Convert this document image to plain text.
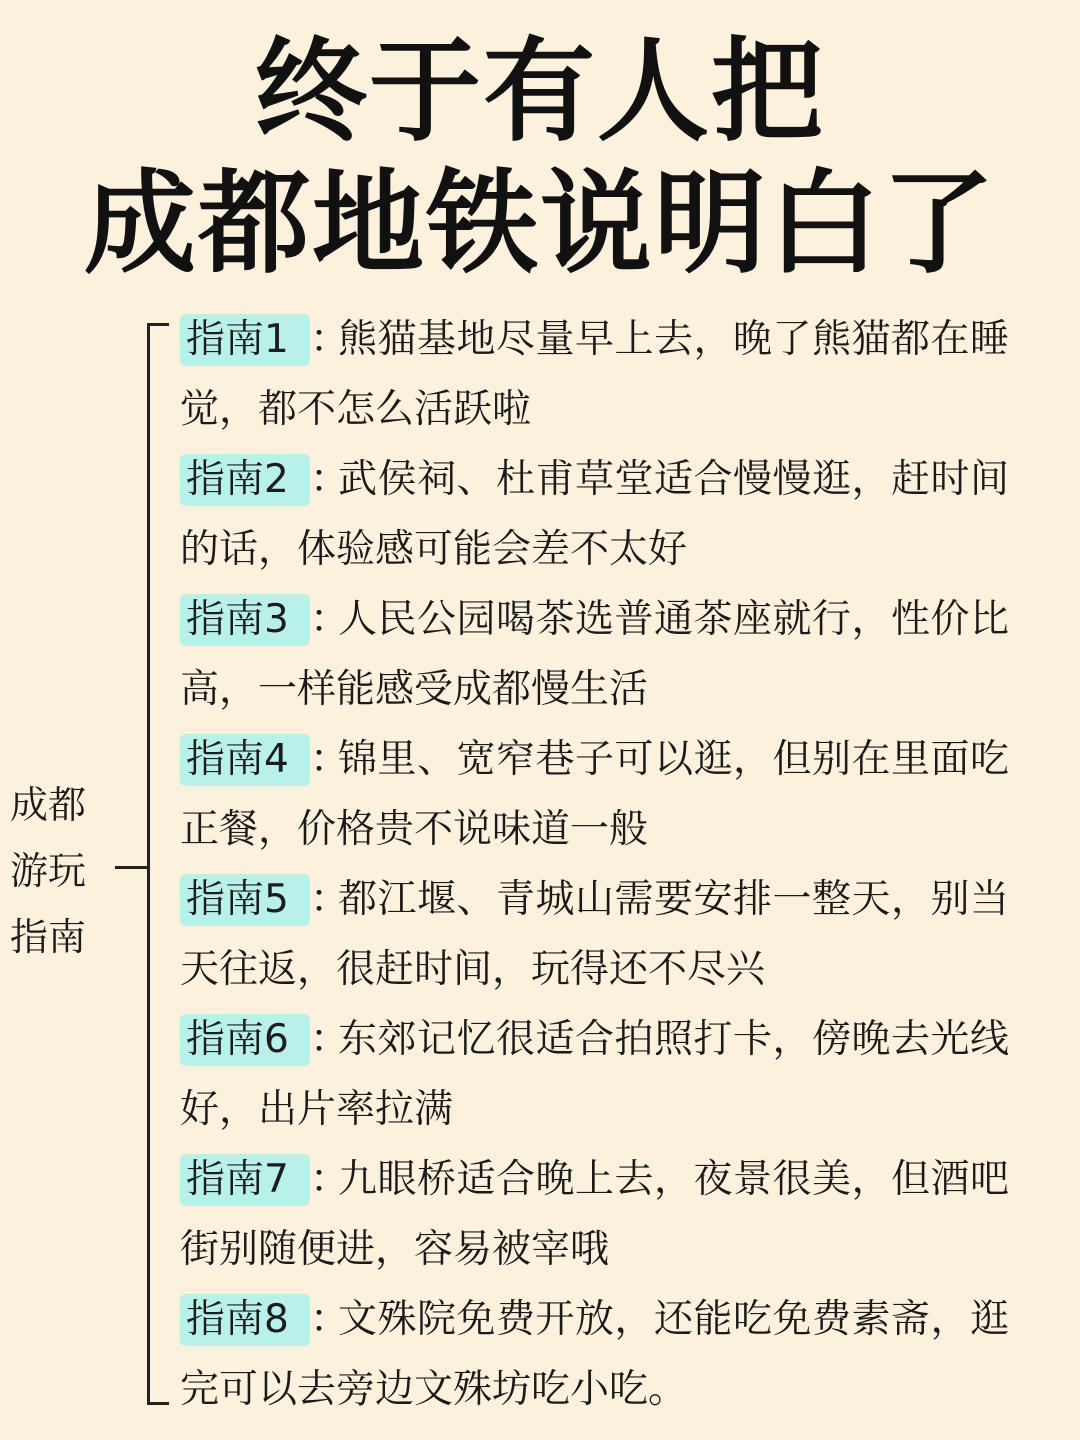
终于有人把
成都地铁说明白了
成都
游玩
指南
指南1 ：
熊猫基地尽量早上去，晚了熊猫都在睡
觉，都不怎么活跃啦
指南2 ：
武侯祠、杜甫草堂适合慢慢逛，赶时间
的话，体验感可能会差不太好
指南3 ：
人民公园喝茶选普通茶座就行，性价比
高，一样能感受成都慢生活
指南4 ：
锦里、宽窄巷子可以逛，但别在里面吃
正餐，价格贵不说味道一般
指南5 ：
都江堰、青城山需要安排一整天，别当
天往返，很赶时间，玩得还不尽兴
指南6 ：
东郊记忆很适合拍照打卡，傍晚去光线
好，出片率拉满
指南7 ：
九眼桥适合晚上去，夜景很美，但酒吧
街别随便进，容易被宰哦
指南8 ：
文殊院免费开放，还能吃免费素斋，逛
完可以去旁边文殊坊吃小吃。
